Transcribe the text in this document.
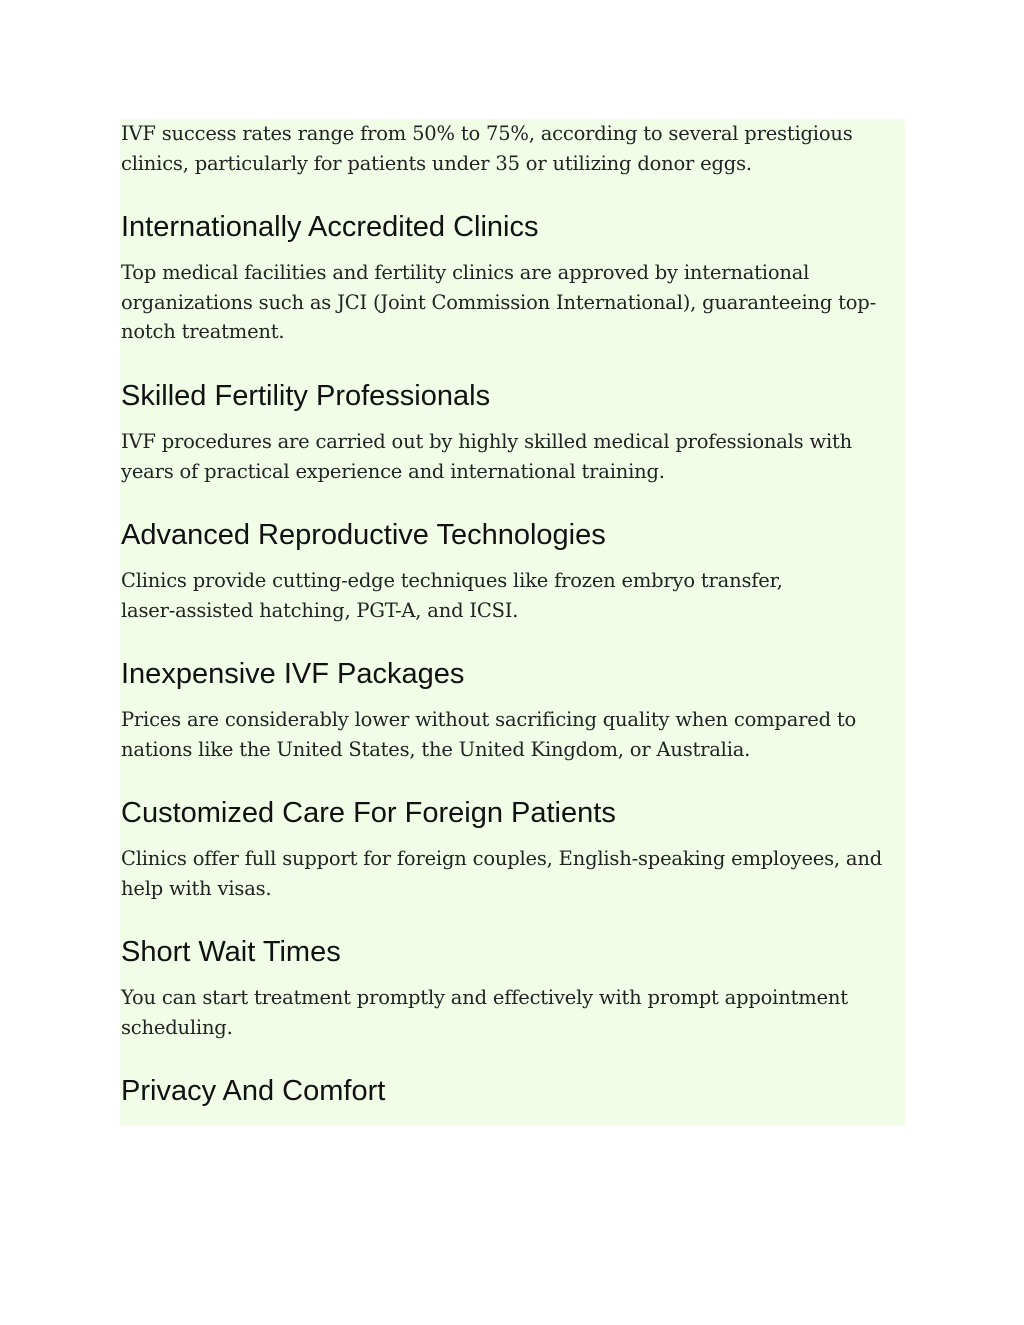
IVF success rates range from 50% to 75%, according to several prestigious clinics, particularly for patients under 35 or utilizing donor eggs.

Internationally Accredited Clinics

Top medical facilities and fertility clinics are approved by international organizations such as JCI (Joint Commission International), guaranteeing top-notch treatment.

Skilled Fertility Professionals

IVF procedures are carried out by highly skilled medical professionals with years of practical experience and international training.

Advanced Reproductive Technologies

Clinics provide cutting-edge techniques like frozen embryo transfer, laser-assisted hatching, PGT-A, and ICSI.

Inexpensive IVF Packages

Prices are considerably lower without sacrificing quality when compared to nations like the United States, the United Kingdom, or Australia.

Customized Care For Foreign Patients

Clinics offer full support for foreign couples, English-speaking employees, and help with visas.

Short Wait Times

You can start treatment promptly and effectively with prompt appointment scheduling.

Privacy And Comfort
